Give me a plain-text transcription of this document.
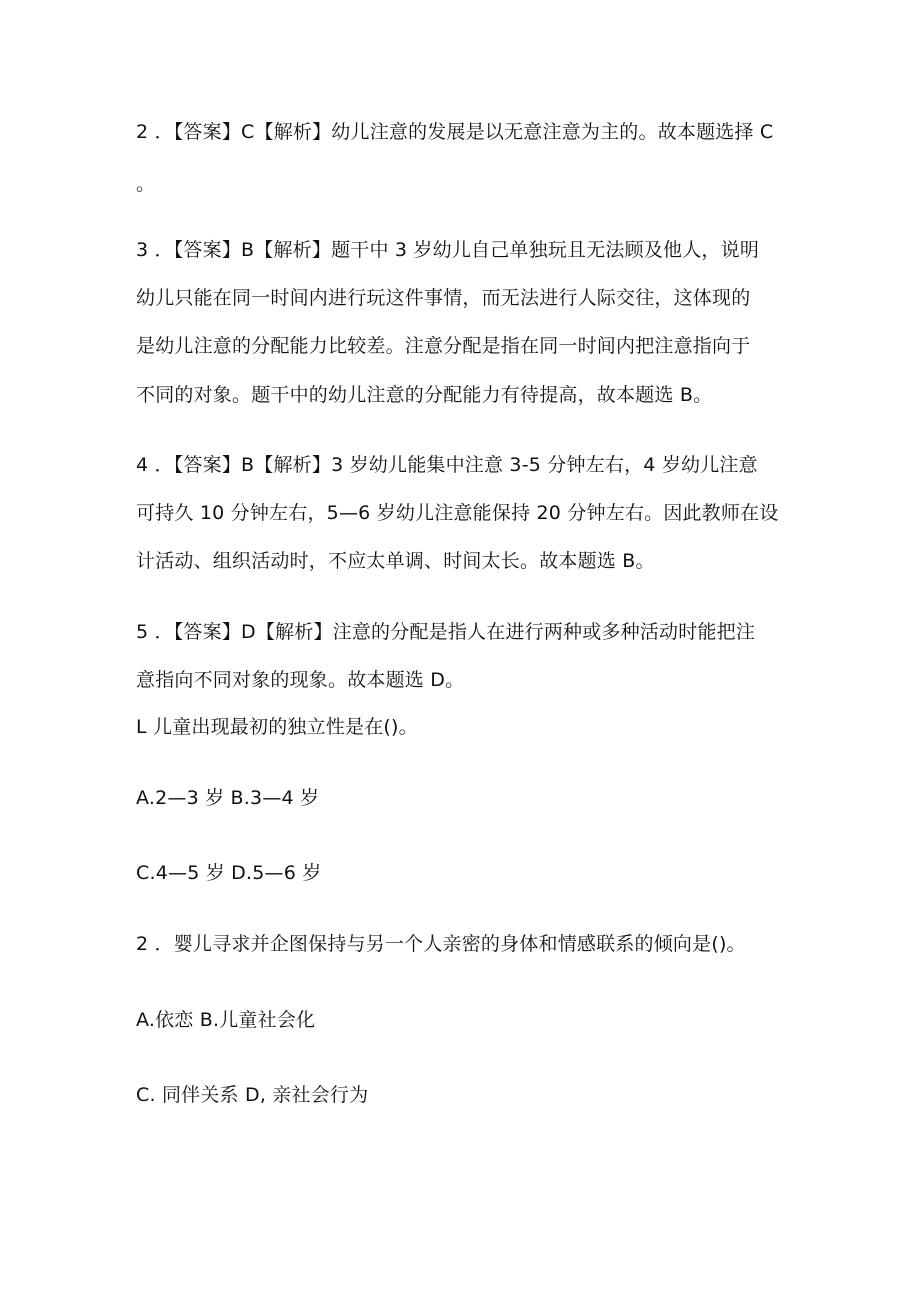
2 ．【答案】C【解析】幼儿注意的发展是以无意注意为主的。故本题选择 C
。
3 ．【答案】B【解析】题干中 3 岁幼儿自己单独玩且无法顾及他人，说明
幼儿只能在同一时间内进行玩这件事情，而无法进行人际交往，这体现的
是幼儿注意的分配能力比较差。注意分配是指在同一时间内把注意指向于
不同的对象。题干中的幼儿注意的分配能力有待提高，故本题选 B。
4 ．【答案】B【解析】3 岁幼儿能集中注意 3-5 分钟左右，4 岁幼儿注意
可持久 10 分钟左右，5—6 岁幼儿注意能保持 20 分钟左右。因此教师在设
计活动、组织活动时，不应太单调、时间太长。故本题选 B。
5 ．【答案】D【解析】注意的分配是指人在进行两种或多种活动时能把注
意指向不同对象的现象。故本题选 D。
L 儿童出现最初的独立性是在()。
A.2—3 岁 B.3—4 岁
C.4—5 岁 D.5—6 岁
2 ．婴儿寻求并企图保持与另一个人亲密的身体和情感联系的倾向是()。
A.依恋 B.儿童社会化
C. 同伴关系 D, 亲社会行为
